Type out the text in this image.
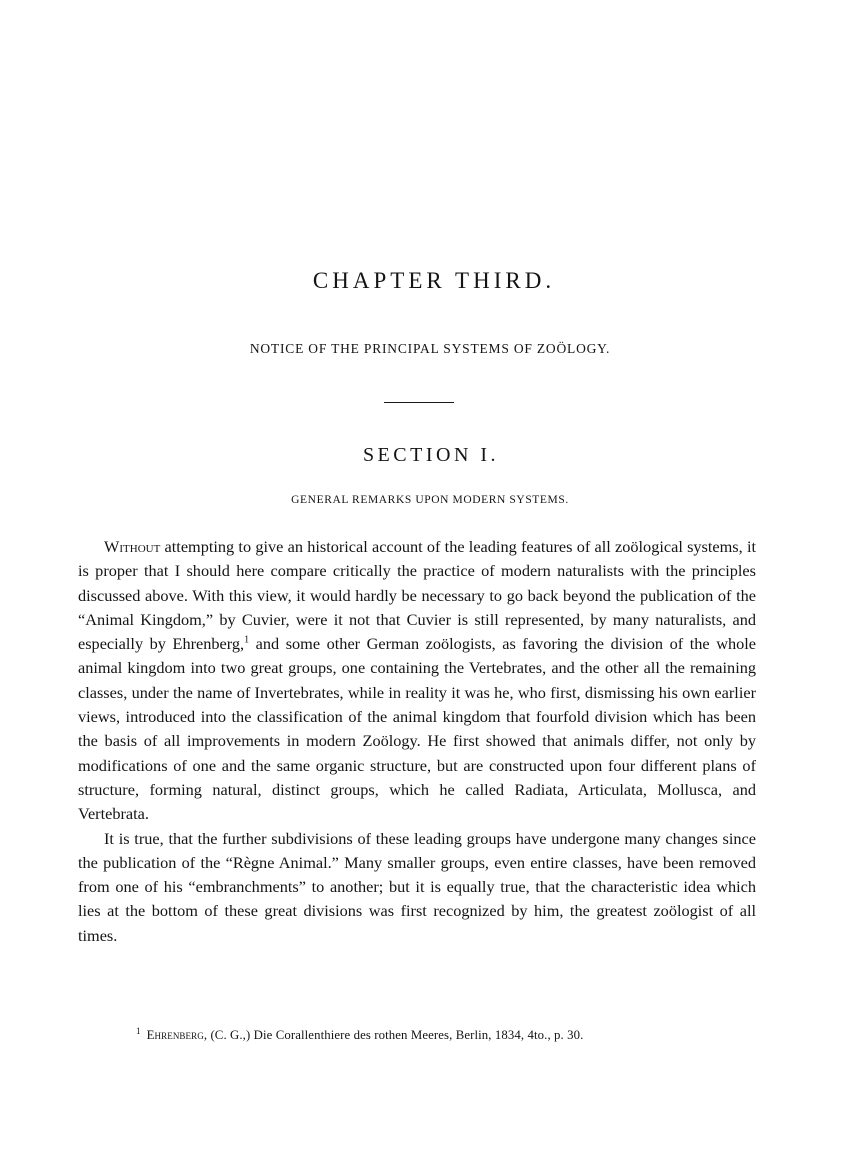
CHAPTER THIRD.
NOTICE OF THE PRINCIPAL SYSTEMS OF ZOÖLOGY.
SECTION I.
GENERAL REMARKS UPON MODERN SYSTEMS.

Without attempting to give an historical account of the leading features of all zoölogical systems, it is proper that I should here compare critically the practice of modern naturalists with the principles discussed above. With this view, it would hardly be necessary to go back beyond the publication of the “Animal Kingdom,” by Cuvier, were it not that Cuvier is still represented, by many naturalists, and especially by Ehrenberg,$^1$ and some other German zoölogists, as favoring the division of the whole animal kingdom into two great groups, one containing the Vertebrates, and the other all the remaining classes, under the name of Invertebrates, while in reality it was he, who first, dismissing his own earlier views, introduced into the classification of the animal kingdom that fourfold division which has been the basis of all improvements in modern Zoölogy. He first showed that animals differ, not only by modifications of one and the same organic structure, but are constructed upon four different plans of structure, forming natural, distinct groups, which he called Radiata, Articulata, Mollusca, and Vertebrata.

It is true, that the further subdivisions of these leading groups have undergone many changes since the publication of the “Règne Animal.” Many smaller groups, even entire classes, have been removed from one of his “embranchments” to another; but it is equally true, that the characteristic idea which lies at the bottom of these great divisions was first recognized by him, the greatest zoölogist of all times.

$^1$ Ehrenberg, (C. G.,) Die Corallenthiere des rothen Meeres, Berlin, 1834, 4to., p. 30.
